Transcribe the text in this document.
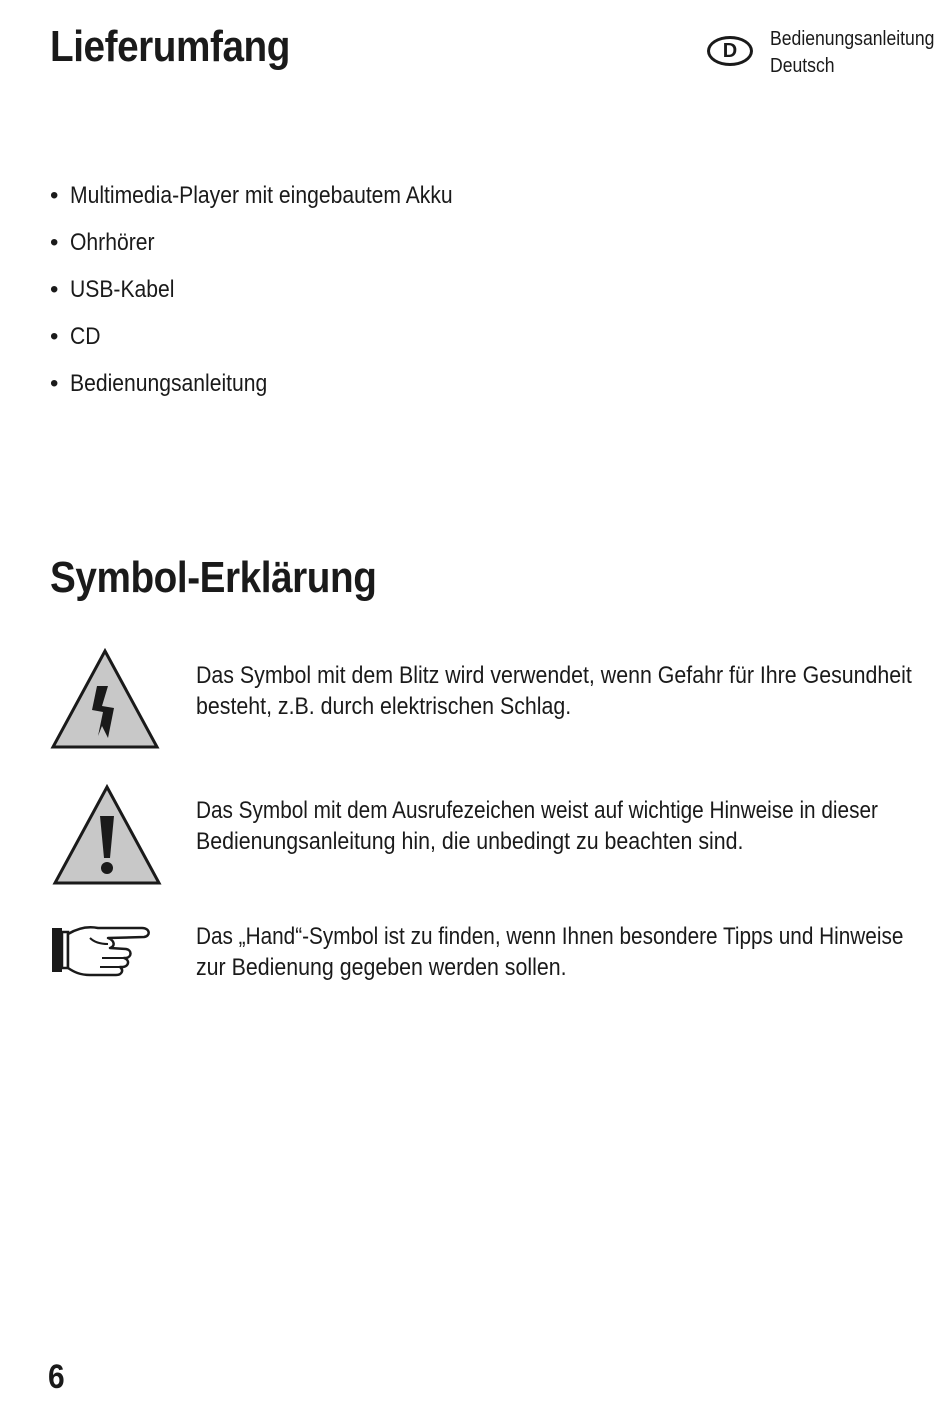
Lieferumfang	D
Bedienungsanleitung
Deutsch
• Multimedia-Player mit eingebautem Akku
• Ohrhörer
• USB-Kabel
• CD
• Bedienungsanleitung
Symbol-Erklärung
Das Symbol mit dem Blitz wird verwendet, wenn Gefahr für Ihre Gesundheit
besteht, z.B. durch elektrischen Schlag.
Das Symbol mit dem Ausrufezeichen weist auf wichtige Hinweise in dieser
Bedienungsanleitung hin, die unbedingt zu beachten sind.
Das „Hand“-Symbol ist zu finden, wenn Ihnen besondere Tipps und Hinweise
zur Bedienung gegeben werden sollen.
6
